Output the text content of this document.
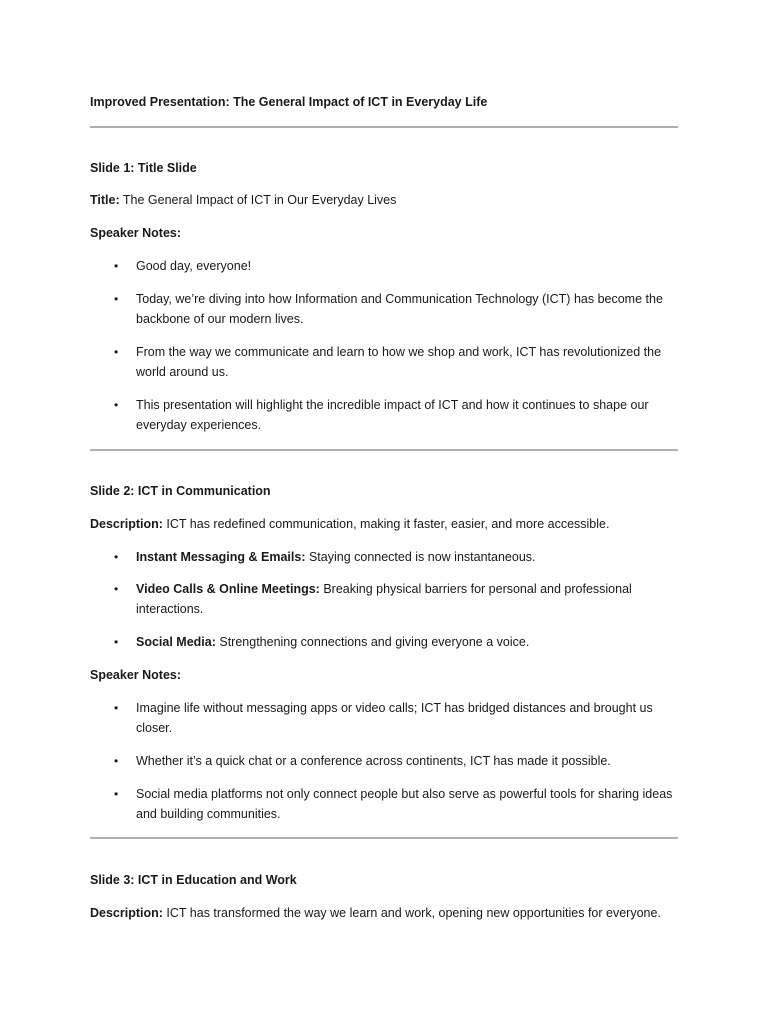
Improved Presentation: The General Impact of ICT in Everyday Life
Slide 1: Title Slide
Title: The General Impact of ICT in Our Everyday Lives
Speaker Notes:
• Good day, everyone!
• Today, we’re diving into how Information and Communication Technology (ICT) has become the backbone of our modern lives.
• From the way we communicate and learn to how we shop and work, ICT has revolutionized the world around us.
• This presentation will highlight the incredible impact of ICT and how it continues to shape our everyday experiences.
Slide 2: ICT in Communication
Description: ICT has redefined communication, making it faster, easier, and more accessible.
• Instant Messaging & Emails: Staying connected is now instantaneous.
• Video Calls & Online Meetings: Breaking physical barriers for personal and professional interactions.
• Social Media: Strengthening connections and giving everyone a voice.
Speaker Notes:
• Imagine life without messaging apps or video calls; ICT has bridged distances and brought us closer.
• Whether it’s a quick chat or a conference across continents, ICT has made it possible.
• Social media platforms not only connect people but also serve as powerful tools for sharing ideas and building communities.
Slide 3: ICT in Education and Work
Description: ICT has transformed the way we learn and work, opening new opportunities for everyone.
